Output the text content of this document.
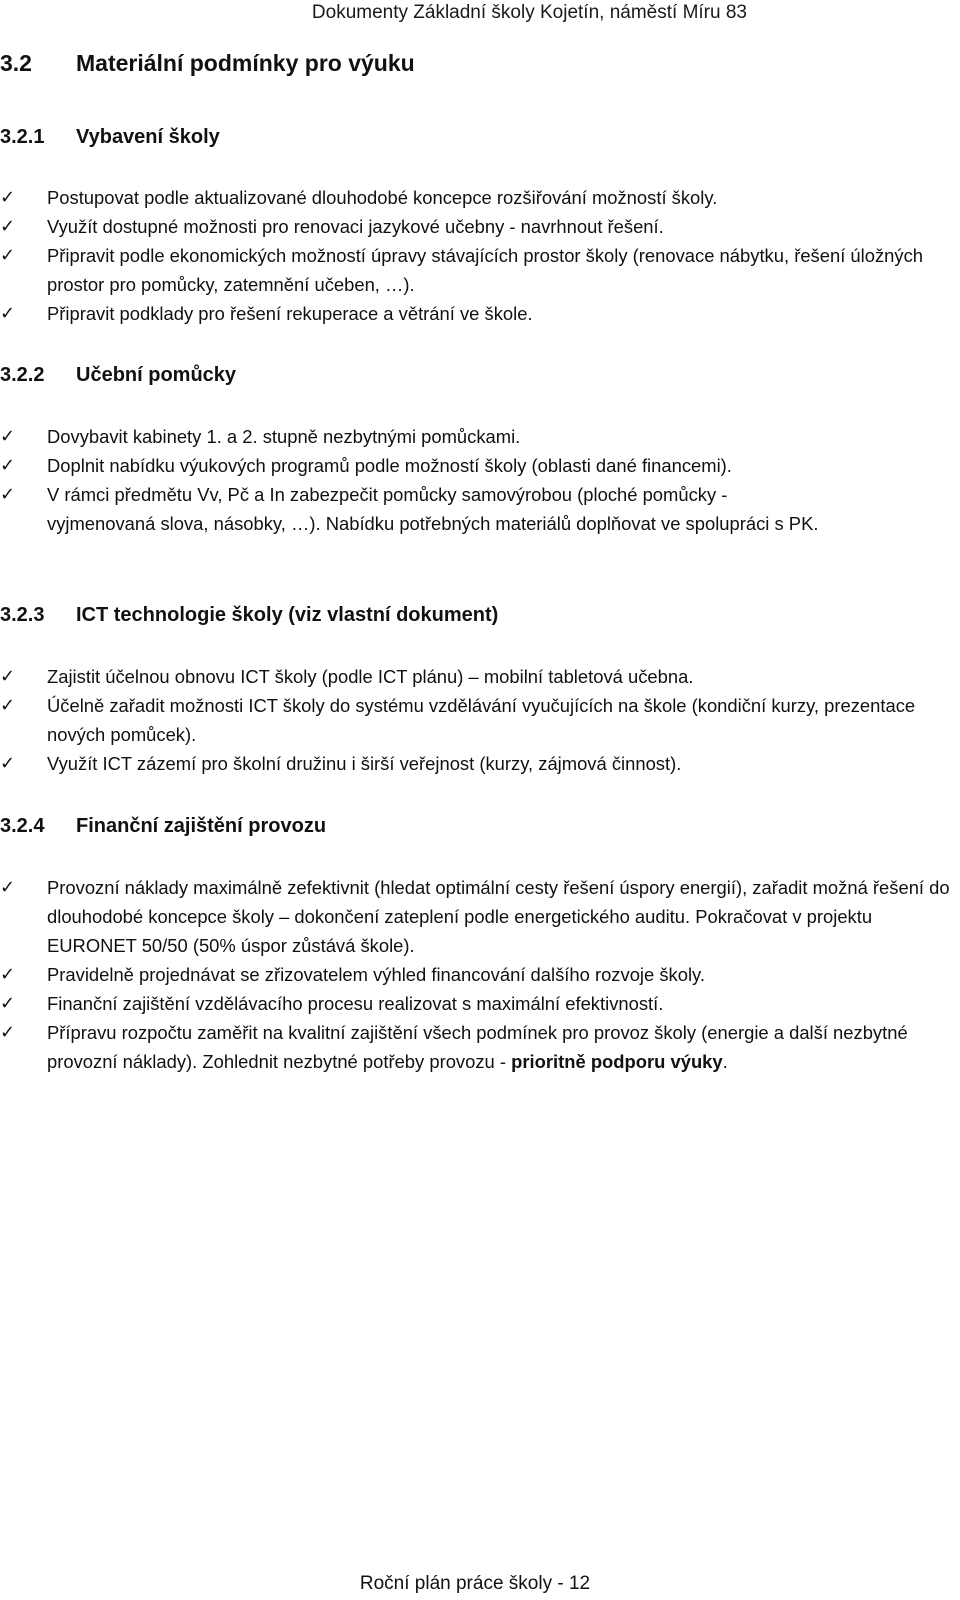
Dokumenty Základní školy Kojetín, náměstí Míru 83
3.2 Materiální podmínky pro výuku
3.2.1 Vybavení školy
✓ Postupovat podle aktualizované dlouhodobé koncepce rozšiřování možností školy.
✓ Využít dostupné možnosti pro renovaci jazykové učebny - navrhnout řešení.
✓ Připravit podle ekonomických možností úpravy stávajících prostor školy (renovace nábytku, řešení úložných prostor pro pomůcky, zatemnění učeben, …).
✓ Připravit podklady pro řešení rekuperace a větrání ve škole.
3.2.2 Učební pomůcky
✓ Dovybavit kabinety 1. a 2. stupně nezbytnými pomůckami.
✓ Doplnit nabídku výukových programů podle možností školy (oblasti dané financemi).
✓ V rámci předmětu Vv, Pč a In zabezpečit pomůcky samovýrobou (ploché pomůcky - vyjmenovaná slova, násobky, …). Nabídku potřebných materiálů doplňovat ve spolupráci s PK.
3.2.3 ICT technologie školy (viz vlastní dokument)
✓ Zajistit účelnou obnovu ICT školy (podle ICT plánu) – mobilní tabletová učebna.
✓ Účelně zařadit možnosti ICT školy do systému vzdělávání vyučujících na škole (kondiční kurzy, prezentace nových pomůcek).
✓ Využít ICT zázemí pro školní družinu i širší veřejnost (kurzy, zájmová činnost).
3.2.4 Finanční zajištění provozu
✓ Provozní náklady maximálně zefektivnit (hledat optimální cesty řešení úspory energií), zařadit možná řešení do dlouhodobé koncepce školy – dokončení zateplení podle energetického auditu. Pokračovat v projektu EURONET 50/50 (50% úspor zůstává škole).
✓ Pravidelně projednávat se zřizovatelem výhled financování dalšího rozvoje školy.
✓ Finanční zajištění vzdělávacího procesu realizovat s maximální efektivností.
✓ Přípravu rozpočtu zaměřit na kvalitní zajištění všech podmínek pro provoz školy (energie a další nezbytné provozní náklady). Zohlednit nezbytné potřeby provozu - prioritně podporu výuky.
Roční plán práce školy - 12
